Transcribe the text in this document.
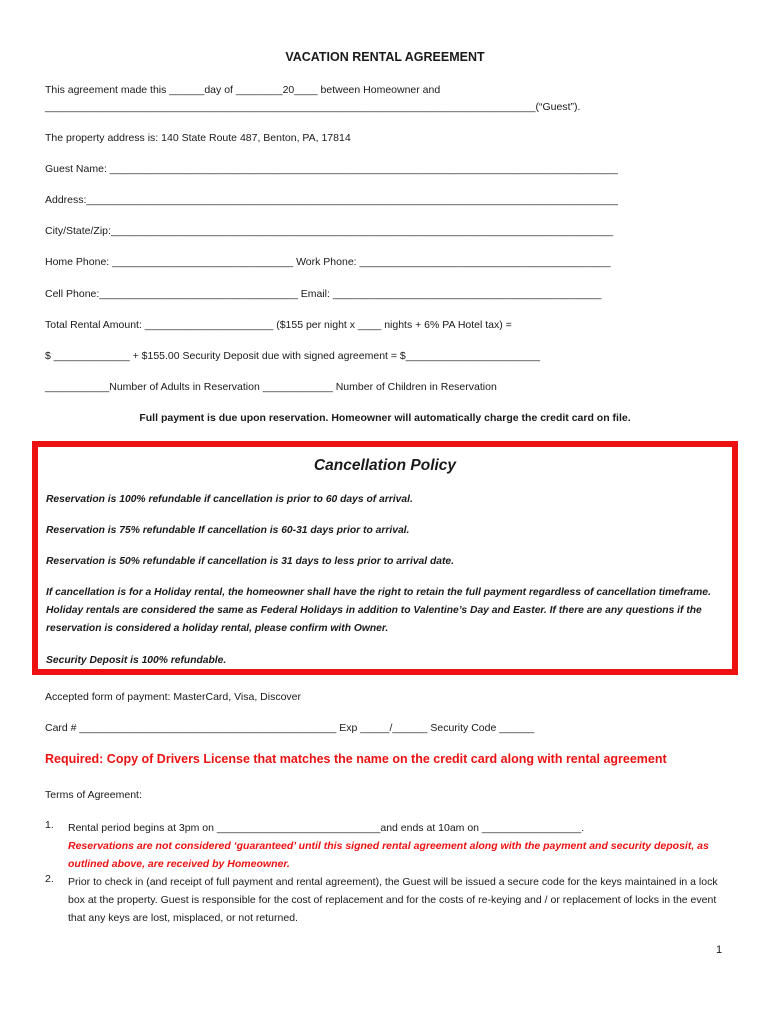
VACATION RENTAL AGREEMENT
This agreement made this ______day of ________20____ between Homeowner and
____________________________________________________________________________________(“Guest”).
The property address is: 140 State Route 487, Benton, PA, 17814
Guest Name: _______________________________________________________________________________________
Address:___________________________________________________________________________________________
City/State/Zip:______________________________________________________________________________________
Home Phone: _______________________________ Work Phone: ___________________________________________
Cell Phone:__________________________________ Email: ______________________________________________
Total Rental Amount: ______________________ ($155 per night x ____ nights + 6% PA Hotel tax) =
$ _____________ + $155.00 Security Deposit due with signed agreement = $_______________________
___________Number of Adults in Reservation ____________ Number of Children in Reservation
Full payment is due upon reservation. Homeowner will automatically charge the credit card on file.
Cancellation Policy
Reservation is 100% refundable if cancellation is prior to 60 days of arrival.
Reservation is 75% refundable If cancellation is 60-31 days prior to arrival.
Reservation is 50% refundable if cancellation is 31 days to less prior to arrival date.
If cancellation is for a Holiday rental, the homeowner shall have the right to retain the full payment regardless of cancellation timeframe. Holiday rentals are considered the same as Federal Holidays in addition to Valentine’s Day and Easter. If there are any questions if the reservation is considered a holiday rental, please confirm with Owner.
Security Deposit is 100% refundable.
Accepted form of payment: MasterCard, Visa, Discover
Card # ____________________________________________ Exp _____/______ Security Code ______
Required: Copy of Drivers License that matches the name on the credit card along with rental agreement
Terms of Agreement:
1. Rental period begins at 3pm on ____________________________and ends at 10am on _________________.
Reservations are not considered ‘guaranteed’ until this signed rental agreement along with the payment and security deposit, as outlined above, are received by Homeowner.
2. Prior to check in (and receipt of full payment and rental agreement), the Guest will be issued a secure code for the keys maintained in a lock box at the property. Guest is responsible for the cost of replacement and for the costs of re-keying and / or replacement of locks in the event that any keys are lost, misplaced, or not returned.
1
